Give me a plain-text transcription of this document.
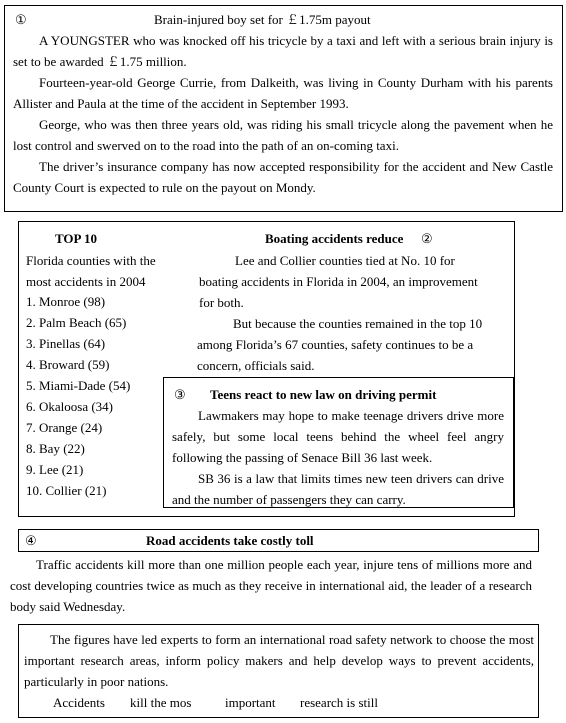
①	Brain-injured boy set for ￡1.75m payout

A YOUNGSTER who was knocked off his tricycle by a taxi and left with a serious brain injury is set to be awarded ￡1.75 million.

Fourteen-year-old George Currie, from Dalkeith, was living in County Durham with his parents Allister and Paula at the time of the accident in September 1993.

George, who was then three years old, was riding his small tricycle along the pavement when he lost control and swerved on to the road into the path of an on-coming taxi.

The driver’s insurance company has now accepted responsibility for the accident and New Castle County Court is expected to rule on the payout on Mondy.

TOP 10
Florida counties with the
most accidents in 2004
1. Monroe (98)
2. Palm Beach (65)
3. Pinellas (64)
4. Broward (59)
5. Miami-Dade (54)
6. Okaloosa (34)
7. Orange (24)
8. Bay (22)
9. Lee (21)
10. Collier (21)
Boating accidents reduce ②
Lee and Collier counties tied at No. 10 for
boating accidents in Florida in 2004, an improvement
for both.
But because the counties remained in the top 10
among Florida’s 67 counties, safety continues to be a
concern, officials said.
③ Teens react to new law on driving permit

Lawmakers may hope to make teenage drivers drive more safely, but some local teens behind the wheel feel angry following the passing of Senace Bill 36 last week.

SB 36 is a law that limits times new teen drivers can drive and the number of passengers they can carry.

④	Road accidents take costly toll

Traffic accidents kill more than one million people each year, injure tens of millions more and cost developing countries twice as much as they receive in international aid, the leader of a research body said Wednesday.

The figures have led experts to form an international road safety network to choose the most important research areas, inform policy makers and help develop ways to prevent accidents, particularly in poor nations.

Accidents kill the mos	important research is still
